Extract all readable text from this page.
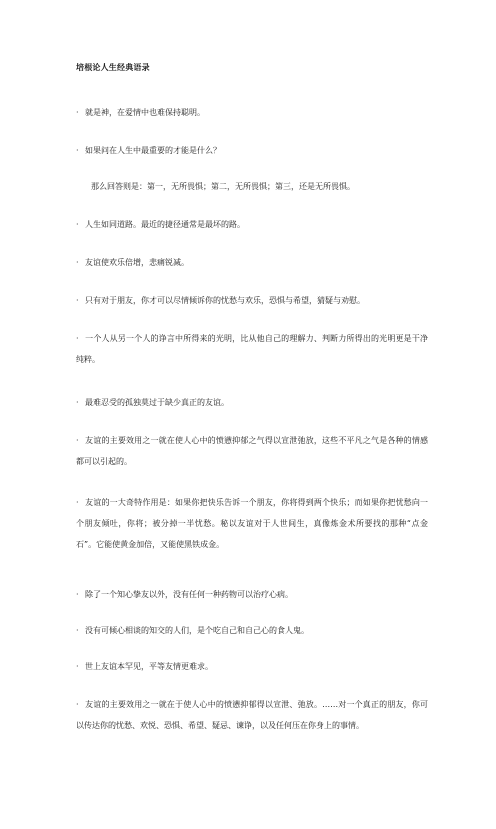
培根论人生经典语录
· 就是神，在爱情中也难保持聪明。
· 如果问在人生中最重要的才能是什么？
那么回答则是：第一，无所畏惧；第二，无所畏惧；第三，还是无所畏惧。
· 人生如同道路。最近的捷径通常是最坏的路。
· 友谊使欢乐倍增，悲痛锐减。
· 只有对于朋友，你才可以尽情倾诉你的忧愁与欢乐，恐惧与希望，猜疑与劝慰。
· 一个人从另一个人的诤言中所得来的光明，比从他自己的理解力、判断力所得出的光明更是干净纯粹。
· 最难忍受的孤独莫过于缺少真正的友谊。
· 友谊的主要效用之一就在使人心中的愤懑抑郁之气得以宣泄弛放，这些不平凡之气是各种的情感都可以引起的。
· 友谊的一大奇特作用是：如果你把快乐告诉一个朋友，你将得到两个快乐；而如果你把忧愁向一个朋友倾吐，你将；被分掉一半忧愁。秘以友谊对于人世间生，真像炼金术所要找的那种“点金石”。它能使黄金加倍，又能使黑铁成金。
· 除了一个知心挚友以外，没有任何一种药物可以治疗心病。
· 没有可倾心相谈的知交的人们，是个吃自己和自己心的食人鬼。
· 世上友谊本罕见，平等友情更难求。
· 友谊的主要效用之一就在于使人心中的愤懑抑郁得以宣泄、弛放。……对一个真正的朋友，你可以传达你的忧愁、欢悦、恐惧、希望、疑忌、谏诤，以及任何压在你身上的事情。
